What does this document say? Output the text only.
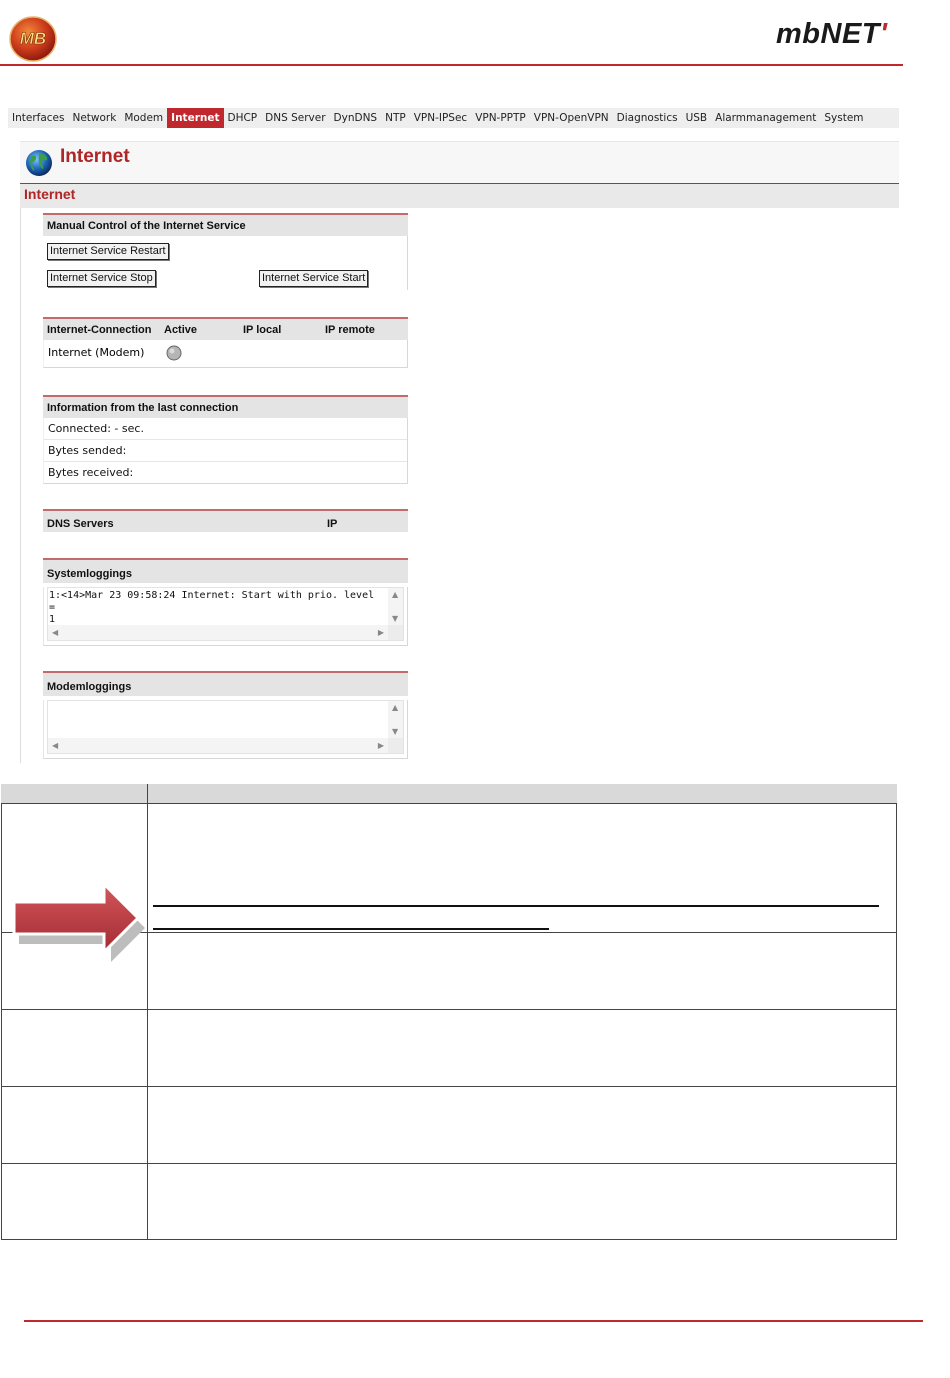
MB	mbNET'
Interfaces Network Modem Internet DHCP DNS Server DynDNS NTP VPN-IPSec VPN-PPTP VPN-OpenVPN Diagnostics USB Alarmmanagement System
Internet
Internet
Manual Control of the Internet Service
Internet Service Restart
Internet Service Stop	Internet Service Start
Internet-Connection Active	IP local	IP remote
Internet (Modem)
Information from the last connection
Connected: - sec.
Bytes sended:
Bytes received:
DNS Servers	IP
Systemloggings
1:<14>Mar 23 09:58:24 Internet: Start with prio. level =
1
▲
▼
◀	▶
Modemloggings
▲
▼
◀	▶
